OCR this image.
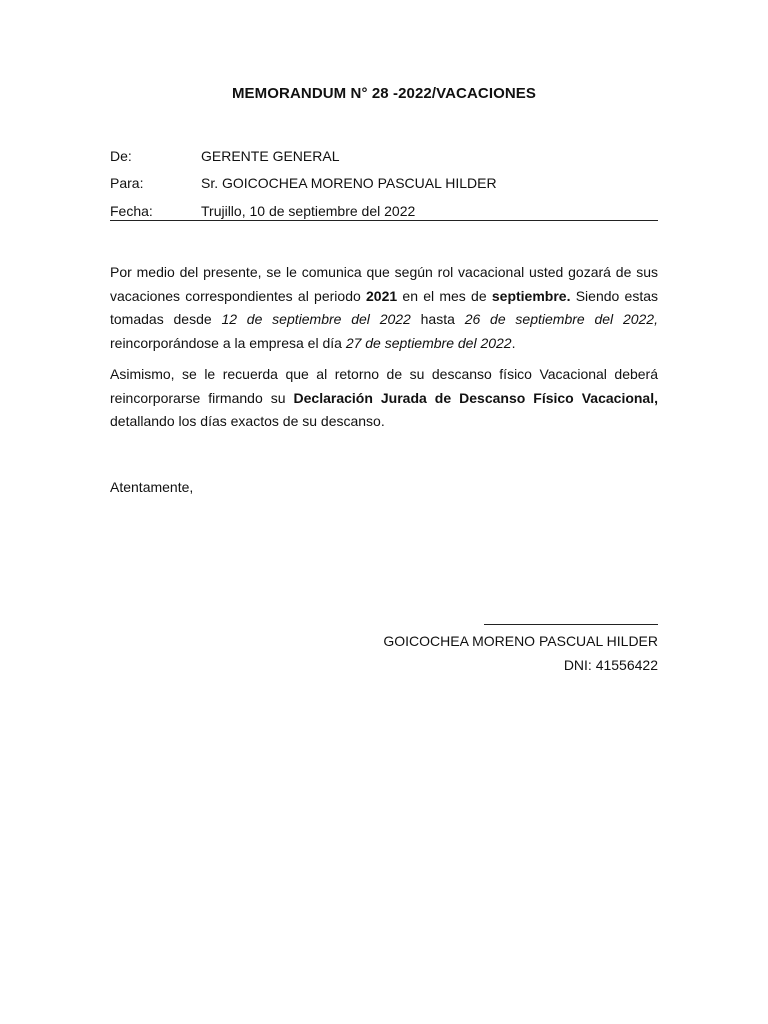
MEMORANDUM N° 28 -2022/VACACIONES
De:	GERENTE GENERAL
Para:	Sr. GOICOCHEA MORENO PASCUAL HILDER
Fecha:	Trujillo, 10 de septiembre del 2022
Por medio del presente, se le comunica que según rol vacacional usted gozará de sus vacaciones correspondientes al periodo 2021 en el mes de septiembre. Siendo estas tomadas desde 12 de septiembre del 2022 hasta 26 de septiembre del 2022, reincorporándose a la empresa el día 27 de septiembre del 2022.
Asimismo, se le recuerda que al retorno de su descanso físico Vacacional deberá reincorporarse firmando su Declaración Jurada de Descanso Físico Vacacional, detallando los días exactos de su descanso.
Atentamente,
GOICOCHEA MORENO PASCUAL HILDER
DNI: 41556422
